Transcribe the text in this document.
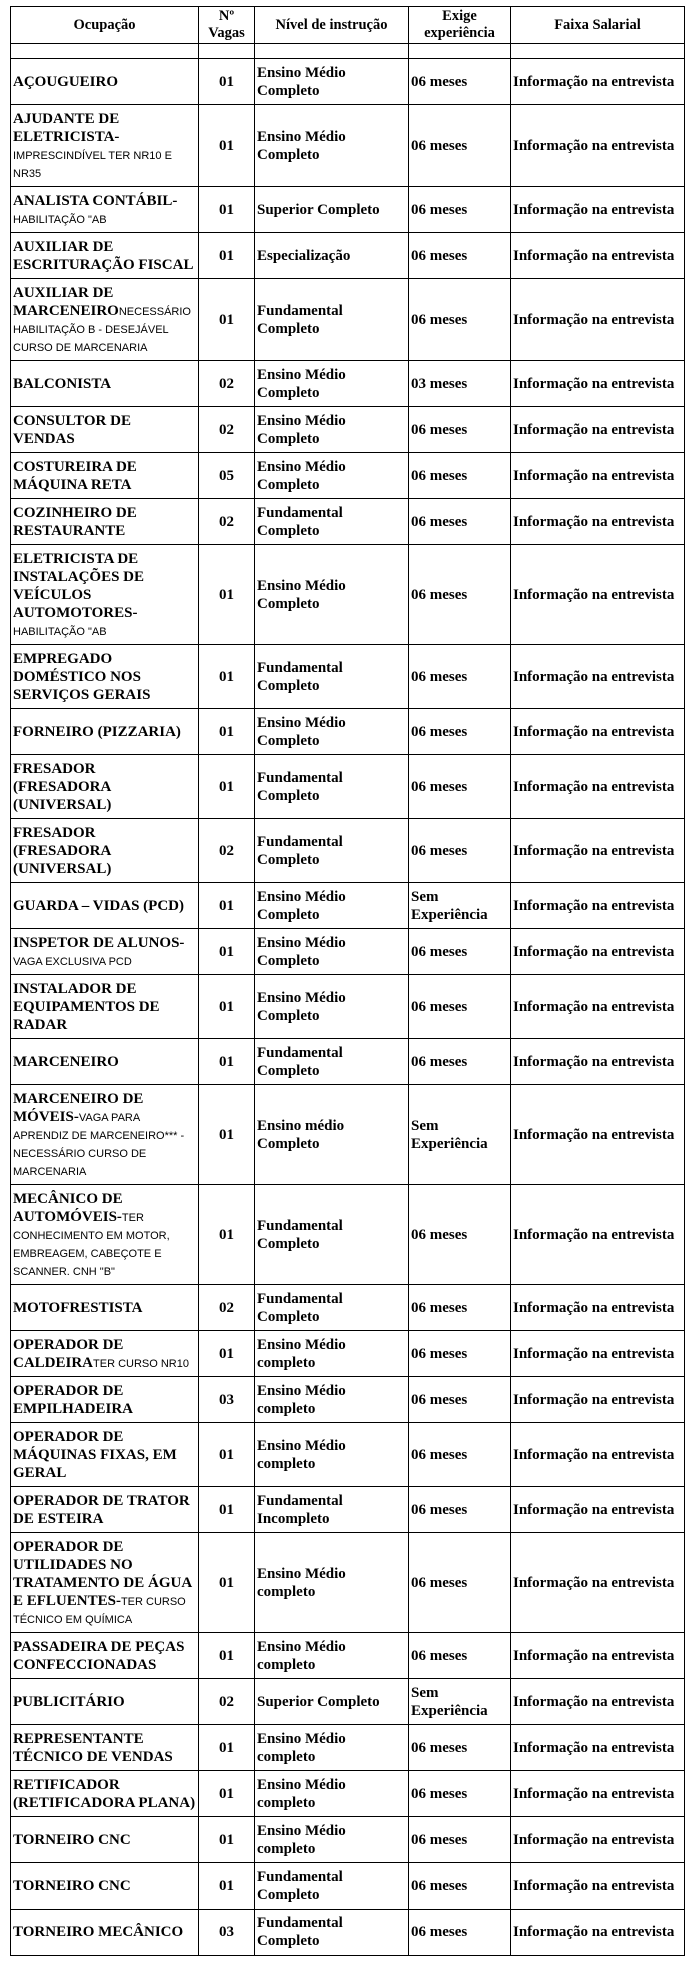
Ocupação	Nº Vagas	Nível de instrução	Exige experiência	Faixa Salarial

AÇOUGUEIRO	01	Ensino Médio Completo	06 meses	Informação na entrevista
AJUDANTE DE ELETRICISTA-IMPRESCINDÍVEL TER NR10 E NR35	01	Ensino Médio Completo	06 meses	Informação na entrevista
ANALISTA CONTÁBIL-HABILITAÇÃO "AB	01	Superior Completo	06 meses	Informação na entrevista
AUXILIAR DE ESCRITURAÇÃO FISCAL	01	Especialização	06 meses	Informação na entrevista
AUXILIAR DE MARCENEIRONECESSÁRIO HABILITAÇÃO B - DESEJÁVEL CURSO DE MARCENARIA	01	Fundamental Completo	06 meses	Informação na entrevista
BALCONISTA	02	Ensino Médio Completo	03 meses	Informação na entrevista
CONSULTOR DE VENDAS	02	Ensino Médio Completo	06 meses	Informação na entrevista
COSTUREIRA DE MÁQUINA RETA	05	Ensino Médio Completo	06 meses	Informação na entrevista
COZINHEIRO DE RESTAURANTE	02	Fundamental Completo	06 meses	Informação na entrevista
ELETRICISTA DE INSTALAÇÕES DE VEÍCULOS AUTOMOTORES-HABILITAÇÃO "AB	01	Ensino Médio Completo	06 meses	Informação na entrevista
EMPREGADO DOMÉSTICO NOS SERVIÇOS GERAIS	01	Fundamental Completo	06 meses	Informação na entrevista
FORNEIRO (PIZZARIA)	01	Ensino Médio Completo	06 meses	Informação na entrevista
FRESADOR (FRESADORA (UNIVERSAL)	01	Fundamental Completo	06 meses	Informação na entrevista
FRESADOR (FRESADORA (UNIVERSAL)	02	Fundamental Completo	06 meses	Informação na entrevista
GUARDA – VIDAS (PCD)	01	Ensino Médio Completo	Sem Experiência	Informação na entrevista
INSPETOR DE ALUNOS-VAGA EXCLUSIVA PCD	01	Ensino Médio Completo	06 meses	Informação na entrevista
INSTALADOR DE EQUIPAMENTOS DE RADAR	01	Ensino Médio Completo	06 meses	Informação na entrevista
MARCENEIRO	01	Fundamental Completo	06 meses	Informação na entrevista
MARCENEIRO DE MÓVEIS-VAGA PARA APRENDIZ DE MARCENEIRO*** - NECESSÁRIO CURSO DE MARCENARIA	01	Ensino médio Completo	Sem Experiência	Informação na entrevista
MECÂNICO DE AUTOMÓVEIS-TER CONHECIMENTO EM MOTOR, EMBREAGEM, CABEÇOTE E SCANNER. CNH "B"	01	Fundamental Completo	06 meses	Informação na entrevista
MOTOFRESTISTA	02	Fundamental Completo	06 meses	Informação na entrevista
OPERADOR DE CALDEIRATER CURSO NR10	01	Ensino Médio completo	06 meses	Informação na entrevista
OPERADOR DE EMPILHADEIRA	03	Ensino Médio completo	06 meses	Informação na entrevista
OPERADOR DE MÁQUINAS FIXAS, EM GERAL	01	Ensino Médio completo	06 meses	Informação na entrevista
OPERADOR DE TRATOR DE ESTEIRA	01	Fundamental Incompleto	06 meses	Informação na entrevista
OPERADOR DE UTILIDADES NO TRATAMENTO DE ÁGUA E EFLUENTES-TER CURSO TÉCNICO EM QUÍMICA	01	Ensino Médio completo	06 meses	Informação na entrevista
PASSADEIRA DE PEÇAS CONFECCIONADAS	01	Ensino Médio completo	06 meses	Informação na entrevista
PUBLICITÁRIO	02	Superior Completo	Sem Experiência	Informação na entrevista
REPRESENTANTE TÉCNICO DE VENDAS	01	Ensino Médio completo	06 meses	Informação na entrevista
RETIFICADOR (RETIFICADORA PLANA)	01	Ensino Médio completo	06 meses	Informação na entrevista
TORNEIRO CNC	01	Ensino Médio completo	06 meses	Informação na entrevista
TORNEIRO CNC	01	Fundamental Completo	06 meses	Informação na entrevista
TORNEIRO MECÂNICO	03	Fundamental Completo	06 meses	Informação na entrevista
